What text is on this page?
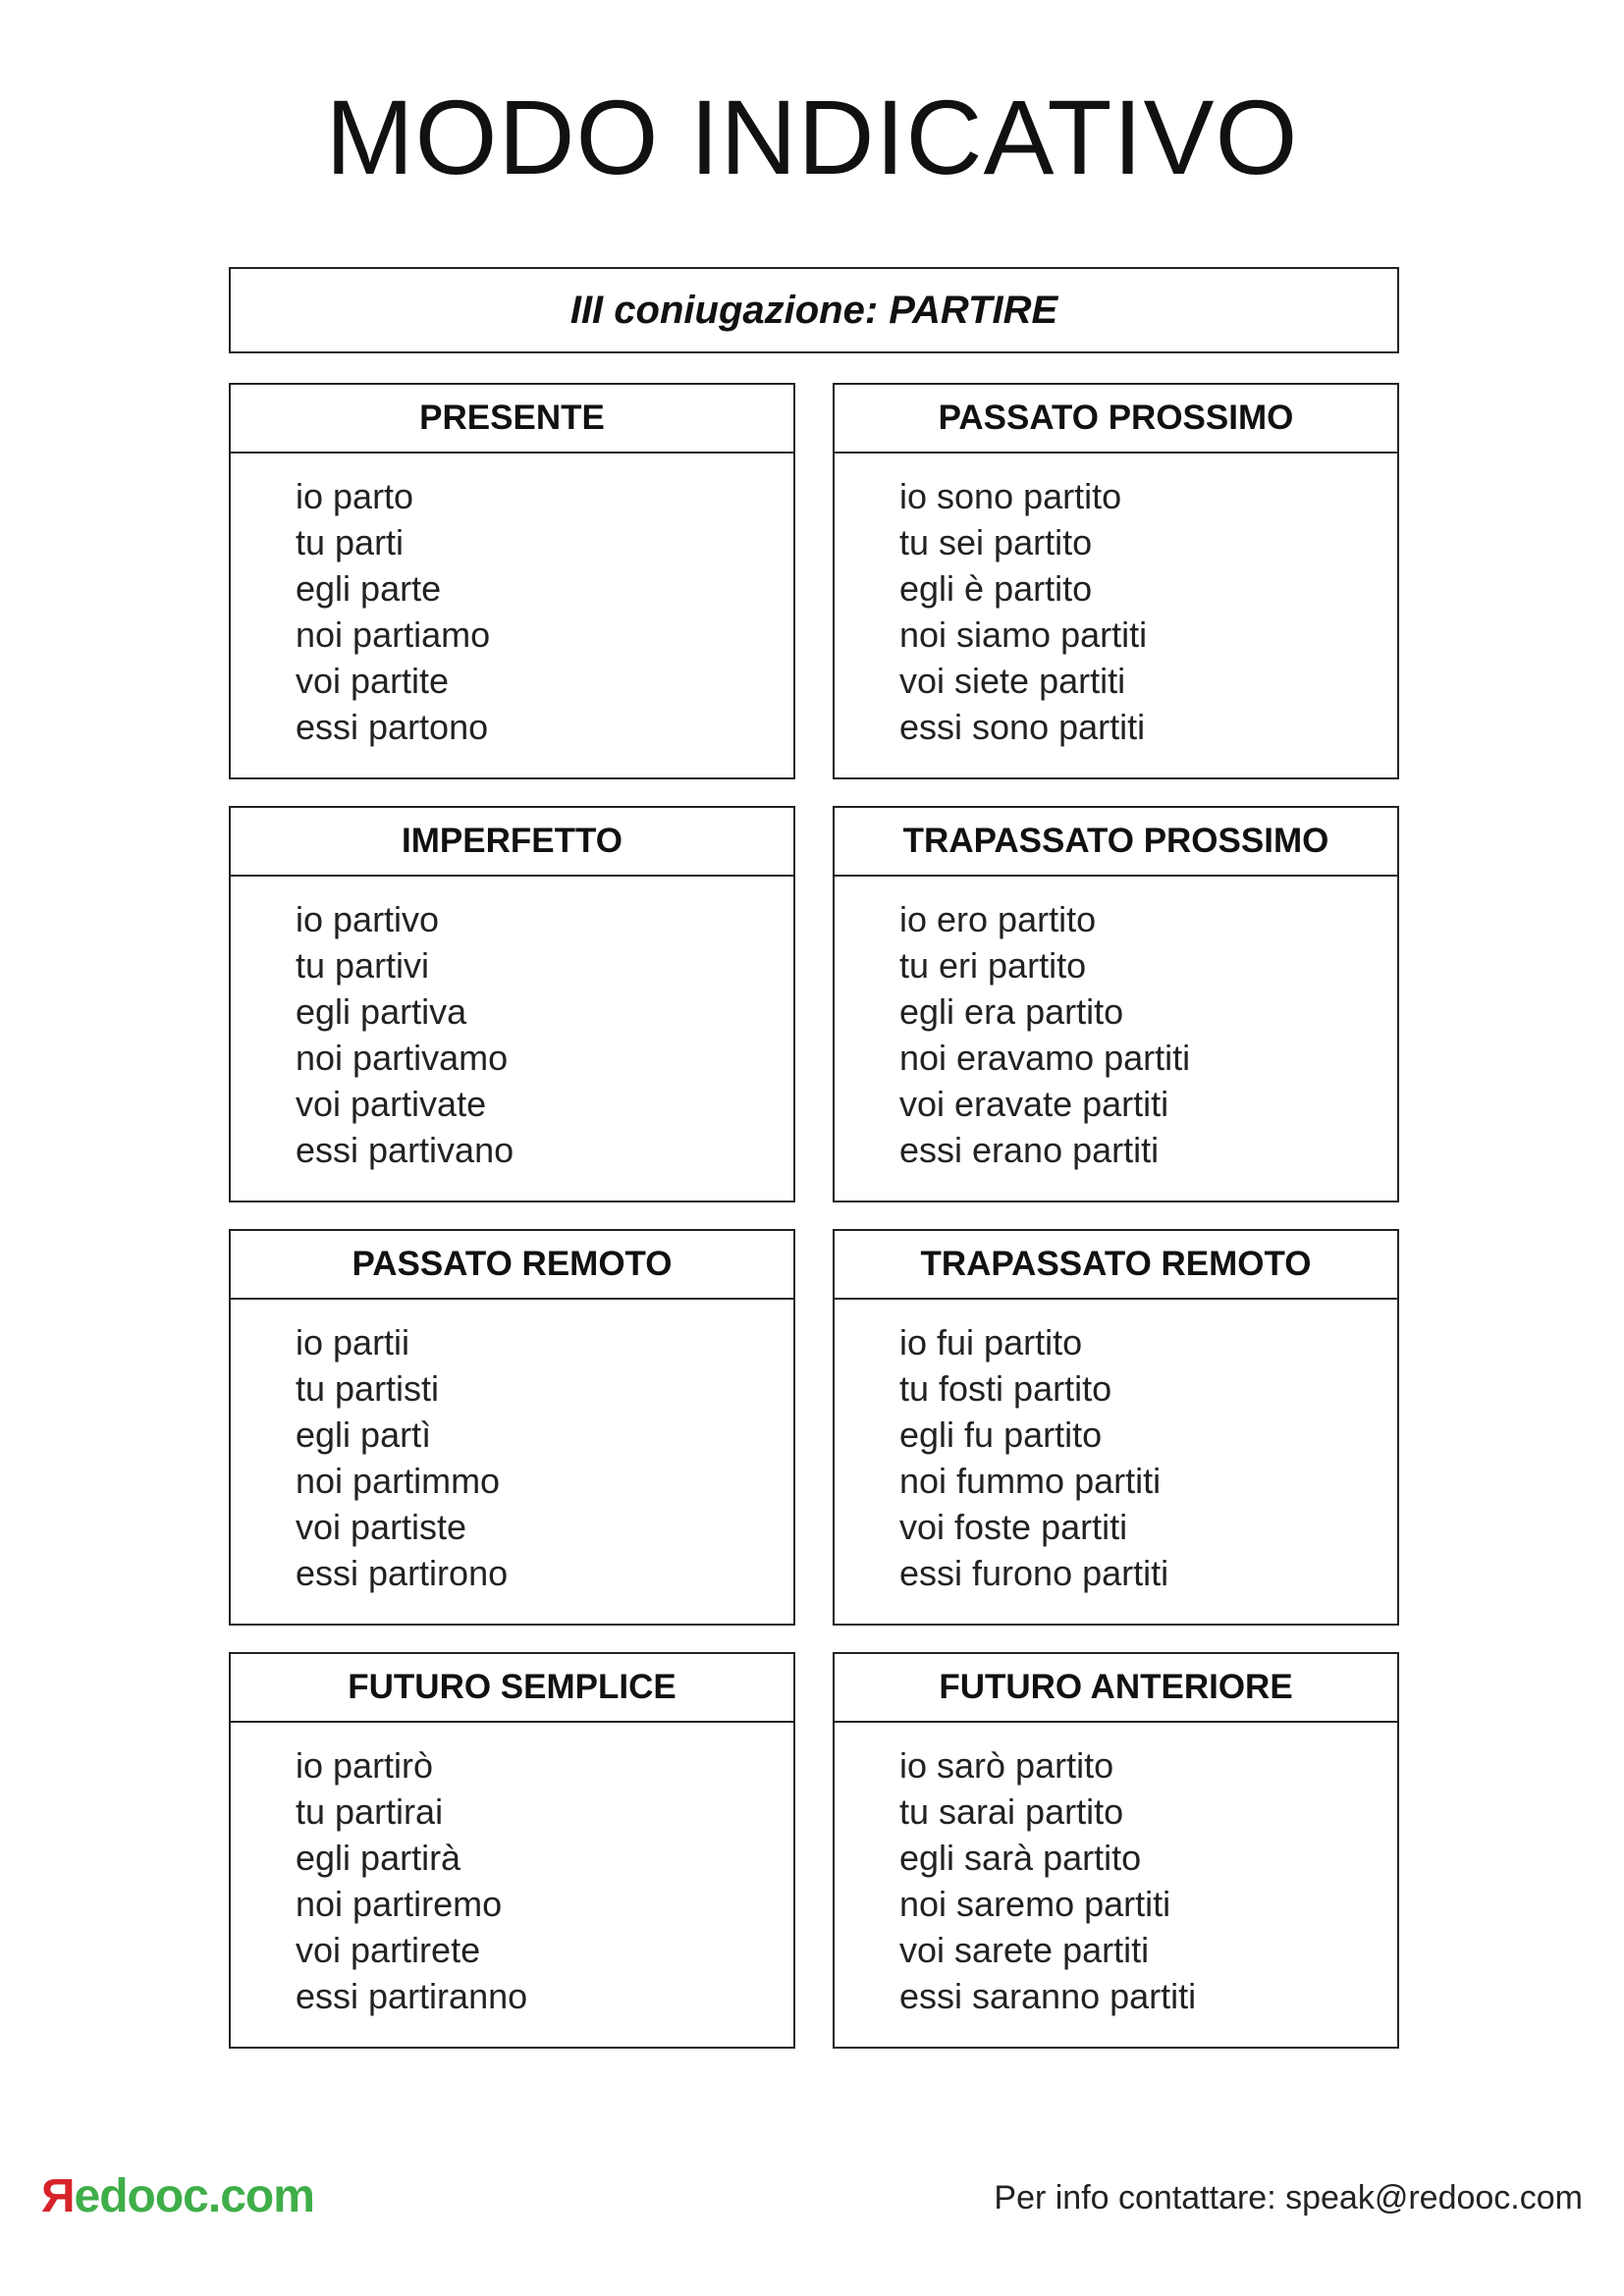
MODO INDICATIVO
III coniugazione: PARTIRE
PRESENTE
io parto
tu parti
egli parte
noi partiamo
voi partite
essi partono
PASSATO PROSSIMO
io sono partito
tu sei partito
egli è partito
noi siamo partiti
voi siete partiti
essi sono partiti
IMPERFETTO
io partivo
tu partivi
egli partiva
noi partivamo
voi partivate
essi partivano
TRAPASSATO PROSSIMO
io ero partito
tu eri partito
egli era partito
noi eravamo partiti
voi eravate partiti
essi erano partiti
PASSATO REMOTO
io partii
tu partisti
egli partì
noi partimmo
voi partiste
essi partirono
TRAPASSATO REMOTO
io fui partito
tu fosti partito
egli fu partito
noi fummo partiti
voi foste partiti
essi furono partiti
FUTURO SEMPLICE
io partirò
tu partirai
egli partirà
noi partiremo
voi partirete
essi partiranno
FUTURO ANTERIORE
io sarò partito
tu sarai partito
egli sarà partito
noi saremo partiti
voi sarete partiti
essi saranno partiti
Яedooc.com	Per info contattare: speak@redooc.com
